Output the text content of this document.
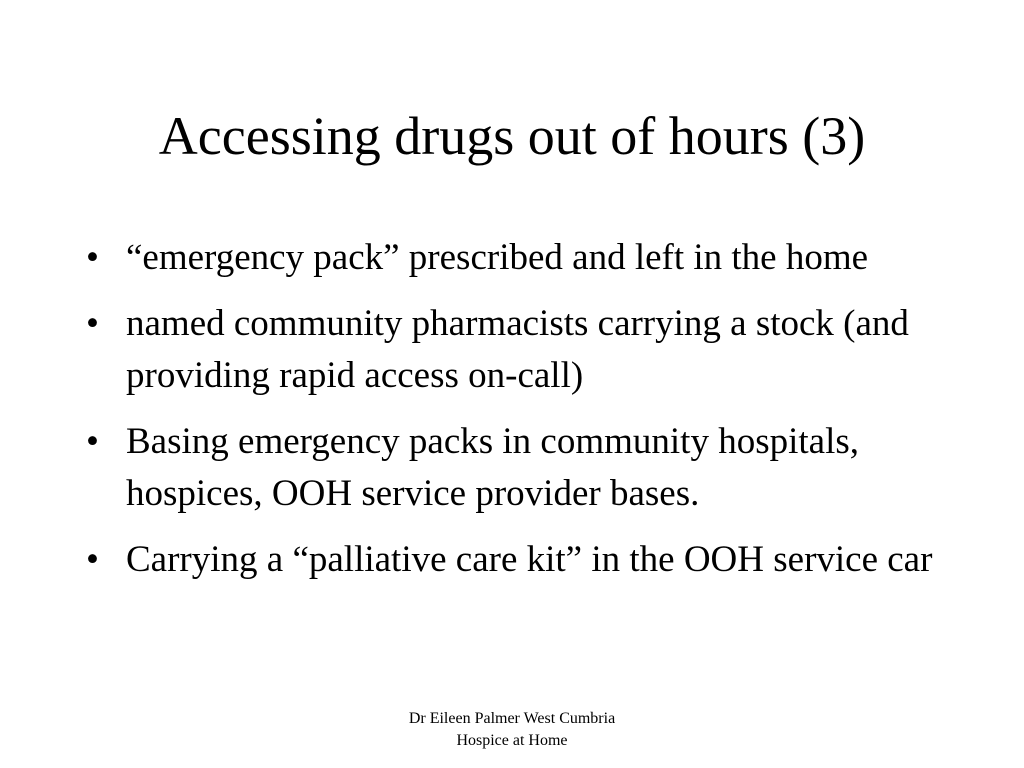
Accessing drugs out of hours (3)
• “emergency pack” prescribed and left in the home
• named community pharmacists carrying a stock (and providing rapid access on-call)
• Basing emergency packs in community hospitals, hospices, OOH service provider bases.
• Carrying a “palliative care kit” in the OOH service car
Dr Eileen Palmer West Cumbria
Hospice at Home
